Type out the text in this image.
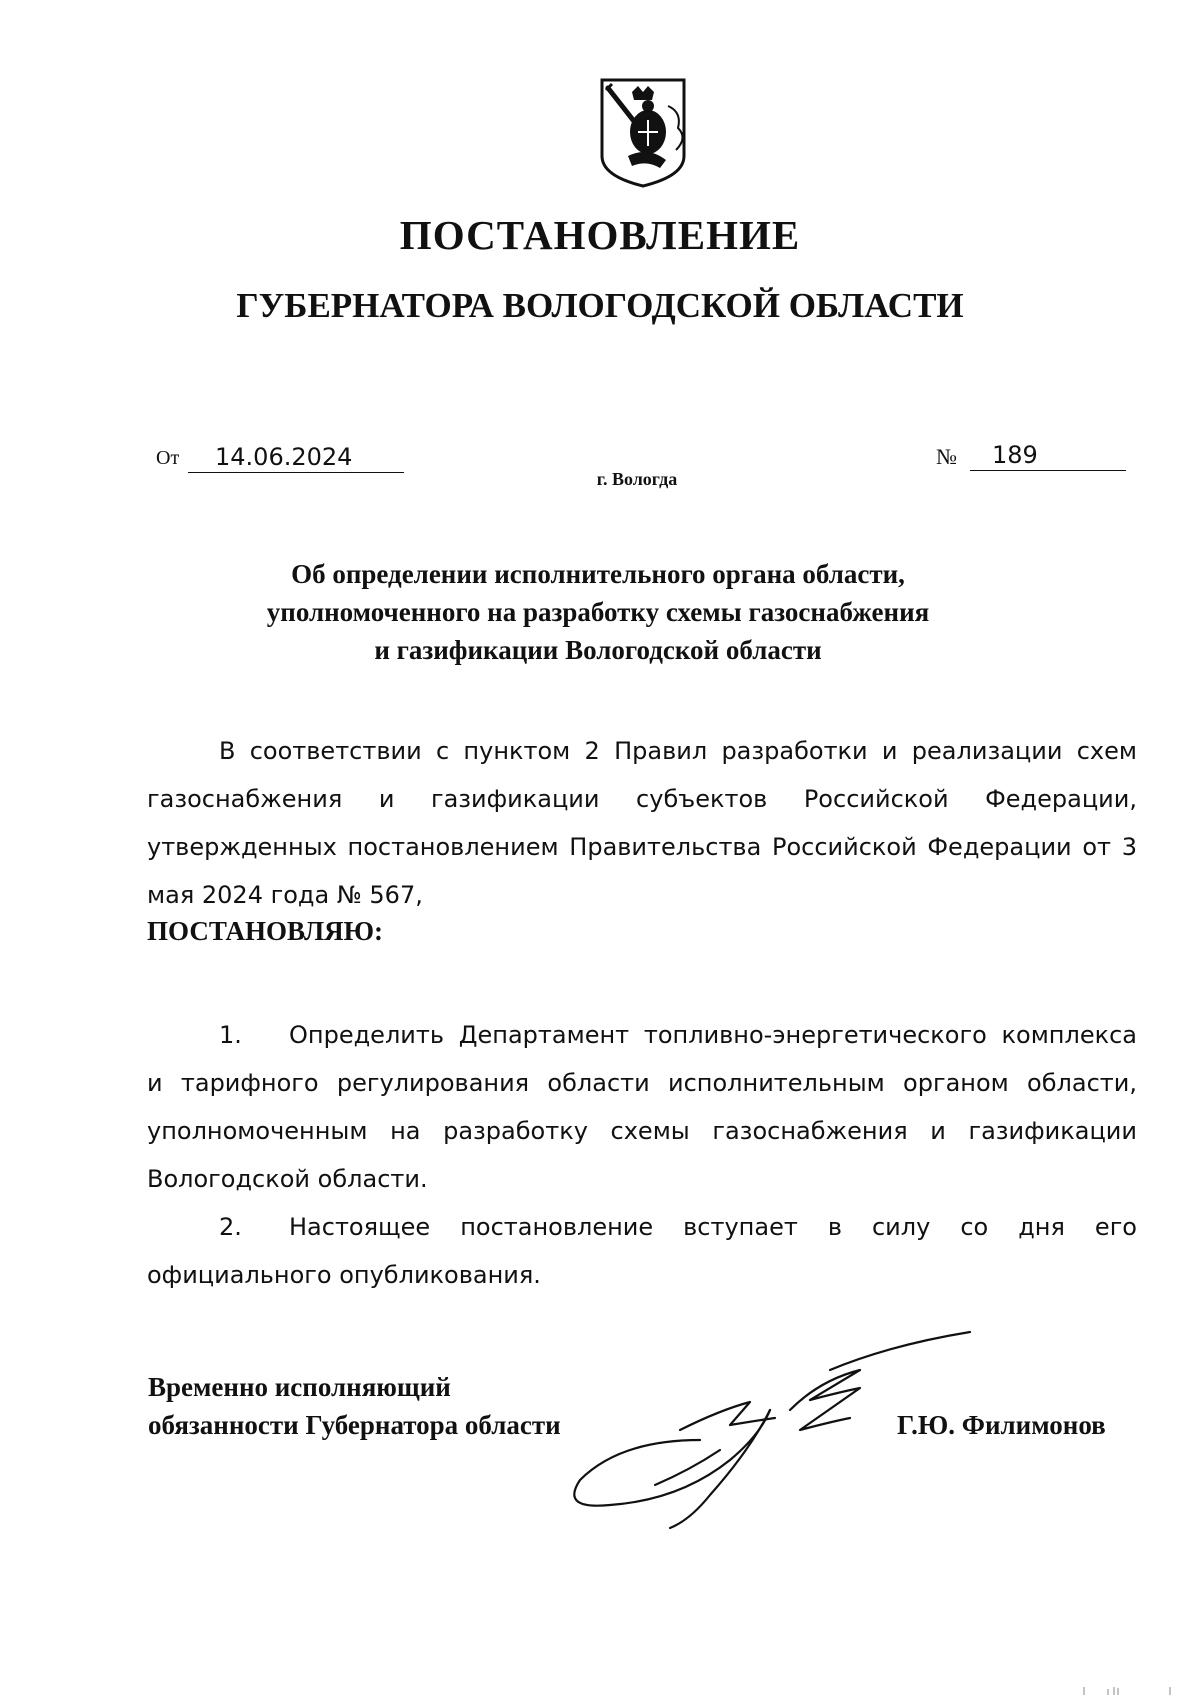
ПОСТАНОВЛЕНИЕ
ГУБЕРНАТОРА ВОЛОГОДСКОЙ ОБЛАСТИ
От	14.06.2024	№	189
г. Вологда
Об определении исполнительного органа области,
уполномоченного на разработку схемы газоснабжения
и газификации Вологодской области

В соответствии с пунктом 2 Правил разработки и реализации схем газоснабжения и газификации субъектов Российской Федерации, утвержденных постановлением Правительства Российской Федерации от 3 мая 2024 года № 567,

ПОСТАНОВЛЯЮ:

1. Определить Департамент топливно-энергетического комплекса и тарифного регулирования области исполнительным органом области, уполномоченным на разработку схемы газоснабжения и газификации Вологодской области.

2. Настоящее постановление вступает в силу со дня его официального опубликования.

Временно исполняющий
обязанности Губернатора области	Г.Ю. Филимонов
